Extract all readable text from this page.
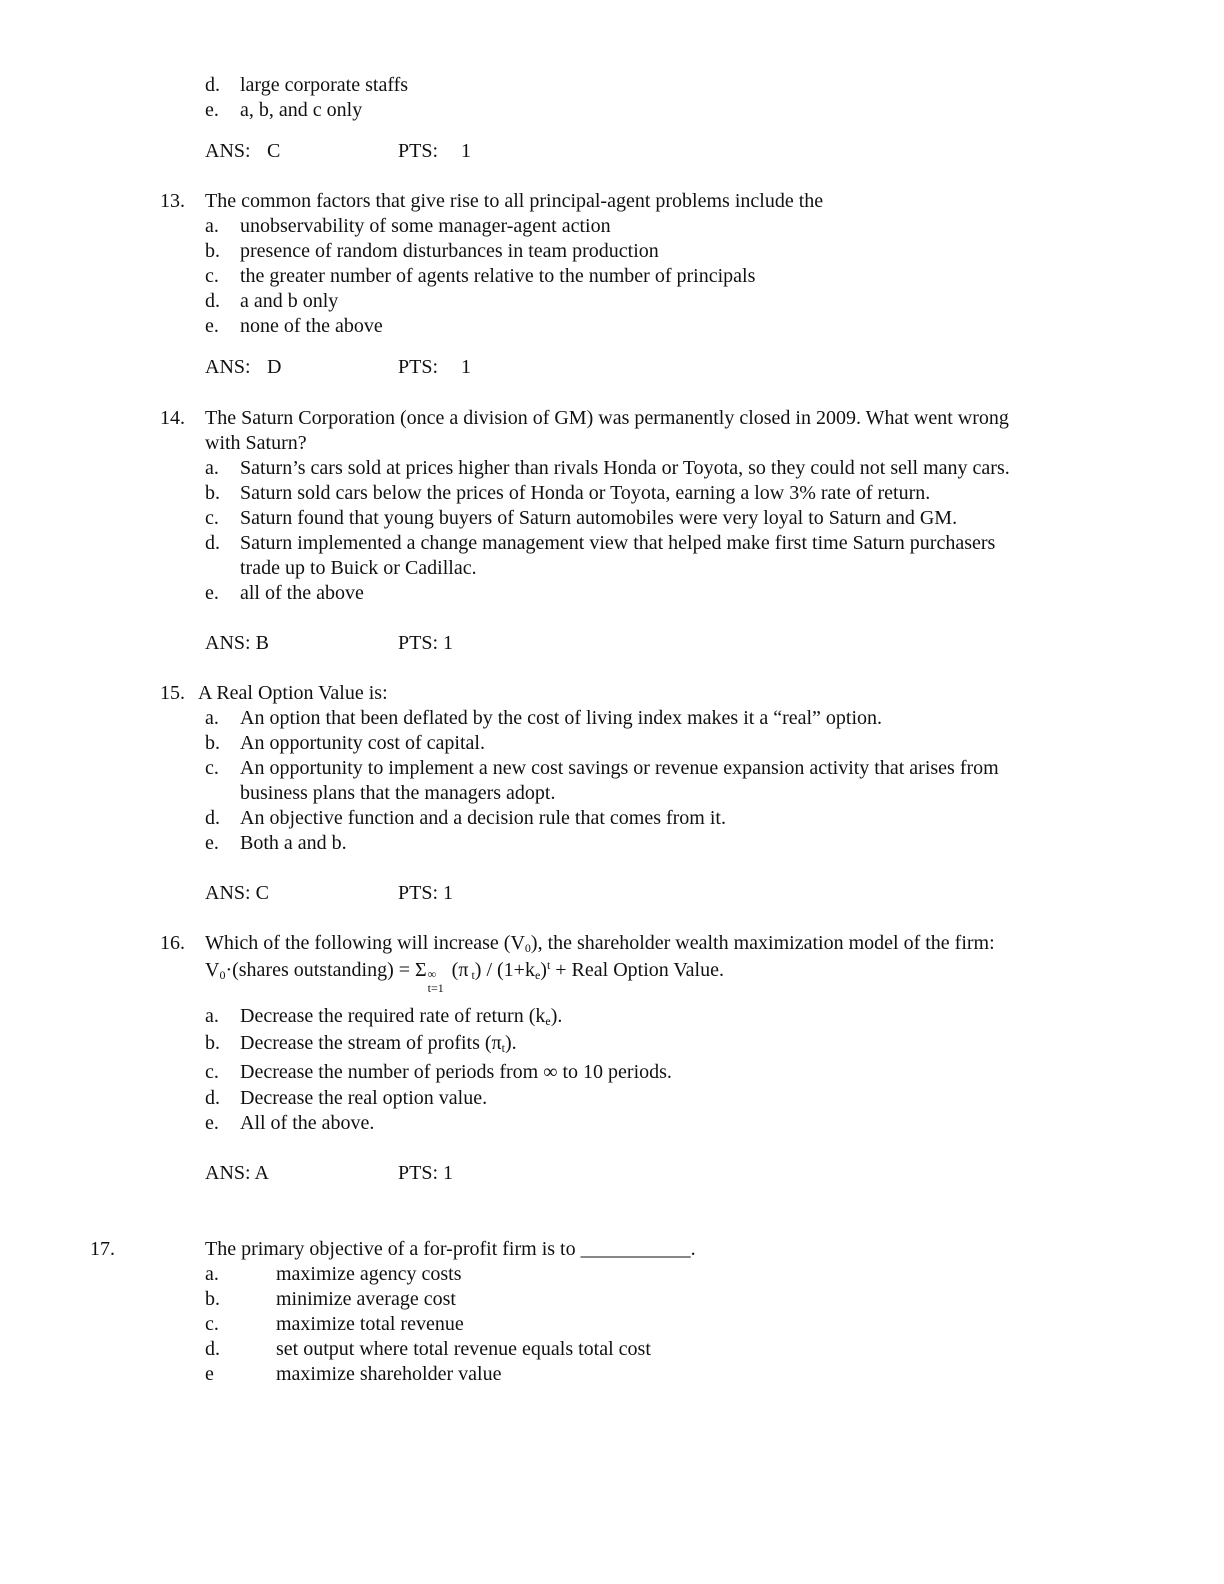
d. large corporate staffs
e. a, b, and c only
ANS: C	PTS: 1
13. The common factors that give rise to all principal-agent problems include the
a. unobservability of some manager-agent action
b. presence of random disturbances in team production
c. the greater number of agents relative to the number of principals
d. a and b only
e. none of the above
ANS: D	PTS: 1
14. The Saturn Corporation (once a division of GM) was permanently closed in 2009. What went wrong
with Saturn?
a. Saturn’s cars sold at prices higher than rivals Honda or Toyota, so they could not sell many cars.
b. Saturn sold cars below the prices of Honda or Toyota, earning a low 3% rate of return.
c. Saturn found that young buyers of Saturn automobiles were very loyal to Saturn and GM.
d. Saturn implemented a change management view that helped make first time Saturn purchasers
trade up to Buick or Cadillac.
e. all of the above
ANS: B	PTS: 1
15. A Real Option Value is:
a. An option that been deflated by the cost of living index makes it a “real” option.
b. An opportunity cost of capital.
c. An opportunity to implement a new cost savings or revenue expansion activity that arises from
business plans that the managers adopt.
d. An objective function and a decision rule that comes from it.
e. Both a and b.
ANS: C	PTS: 1
16. Which of the following will increase $(V_0)$, the shareholder wealth maximization model of the firm:
$V_0\cdot(shares$ outstanding) = Σ ∞
t=1
(π $_t) / (1+k_e)^t$ + Real Option Value.
a. Decrease the required rate of return $(k_e)$.
b. Decrease the stream of profits $(\pi_t)$.
c. Decrease the number of periods from ∞ to 10 periods.
d. Decrease the real option value.
e. All of the above.
ANS: A	PTS: 1
17.	The primary objective of a for-profit firm is to ___________.
a.	maximize agency costs
b.	minimize average cost
c.	maximize total revenue
d.	set output where total revenue equals total cost
e	maximize shareholder value
